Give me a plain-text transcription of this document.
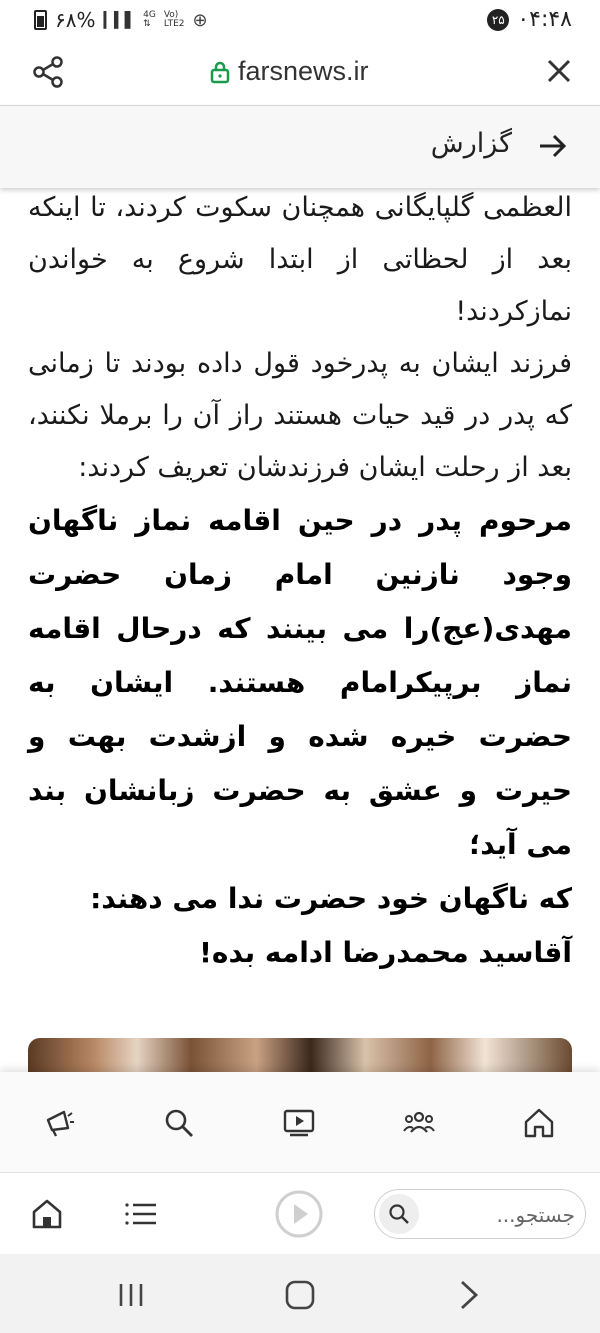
۶۸% ▎▍▌ 4G
⇅
Vo)
LTE2 ⊕	۲۵ ۰۴:۴۸
farsnews.ir
گزارش

العظمی گلپایگانی همچنان سکوت کردند، تا اینکه بعد از لحظاتی از ابتدا شروع به خواندن نمازکردند!

فرزند ایشان به پدرخود قول داده بودند تا زمانی که پدر در قید حیات هستند راز آن را برملا نکنند، بعد از رحلت ایشان فرزندشان تعریف کردند:

مرحوم پدر در حین اقامه نماز ناگهان وجود نازنین امام زمان حضرت مهدی(عج)را می بینند که درحال اقامه نماز برپیکرامام هستند. ایشان به حضرت خیره شده و ازشدت بهت و حیرت و عشق به حضرت زبانشان بند می آید؛

که ناگهان خود حضرت ندا می دهند:

آقاسید محمدرضا ادامه بده!

جستجو...
